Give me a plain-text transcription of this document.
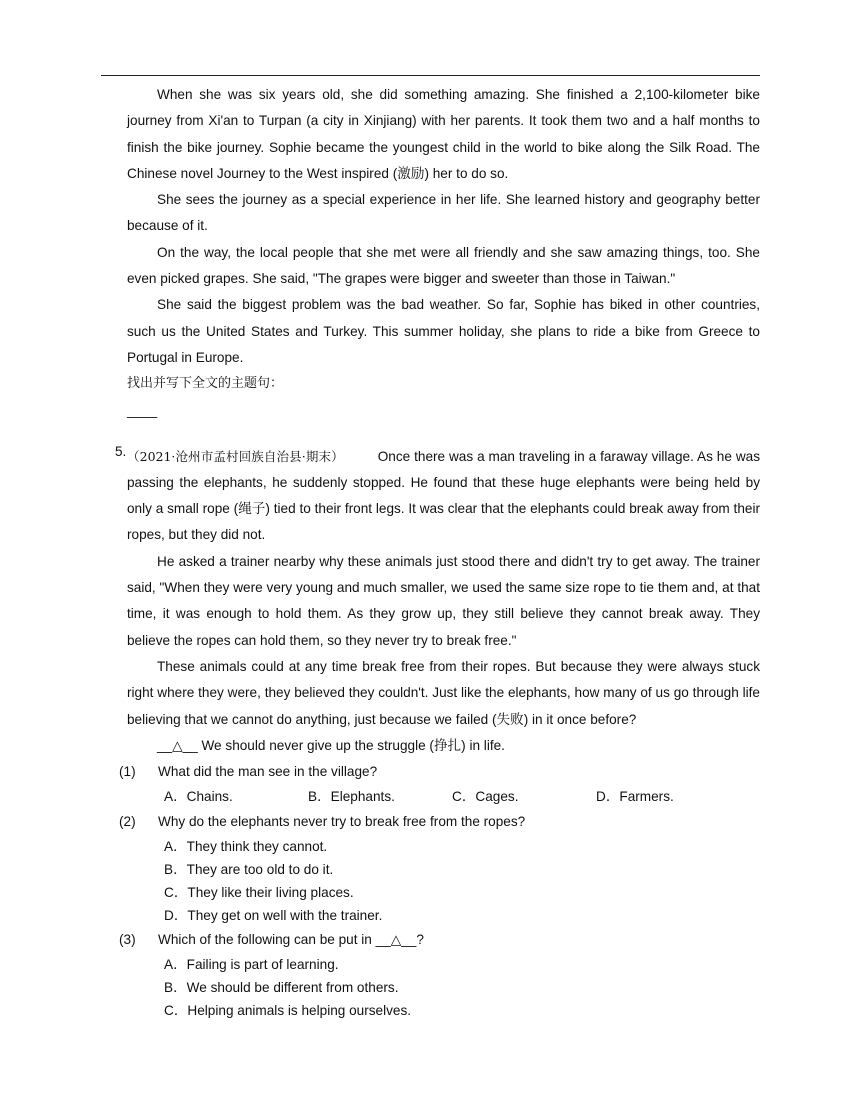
When she was six years old, she did something amazing. She finished a 2,100-kilometer bike journey from Xi'an to Turpan (a city in Xinjiang) with her parents. It took them two and a half months to finish the bike journey. Sophie became the youngest child in the world to bike along the Silk Road. The Chinese novel Journey to the West inspired (激励) her to do so.

She sees the journey as a special experience in her life. She learned history and geography better because of it.

On the way, the local people that she met were all friendly and she saw amazing things, too. She even picked grapes. She said, "The grapes were bigger and sweeter than those in Taiwan."

She said the biggest problem was the bad weather. So far, Sophie has biked in other countries, such us the United States and Turkey. This summer holiday, she plans to ride a bike from Greece to Portugal in Europe.

找出并写下全文的主题句：

____

5. （2021·沧州市孟村回族自治县·期末）	Once there was a man traveling in a faraway village. As he was passing the elephants, he suddenly stopped. He found that these huge elephants were being held by only a small rope (绳子) tied to their front legs. It was clear that the elephants could break away from their ropes, but they did not.

He asked a trainer nearby why these animals just stood there and didn't try to get away. The trainer said, "When they were very young and much smaller, we used the same size rope to tie them and, at that time, it was enough to hold them. As they grow up, they still believe they cannot break away. They believe the ropes can hold them, so they never try to break free."

These animals could at any time break free from their ropes. But because they were always stuck right where they were, they believed they couldn't. Just like the elephants, how many of us go through life believing that we cannot do anything, just because we failed (失败) in it once before?

__△__ We should never give up the struggle (挣扎) in life.

(1) What did the man see in the village?
A．Chains.	B．Elephants.	C．Cages.	D．Farmers.
(2) Why do the elephants never try to break free from the ropes?
A．They think they cannot.
B．They are too old to do it.
C．They like their living places.
D．They get on well with the trainer.
(3) Which of the following can be put in __△__?
A．Failing is part of learning.
B．We should be different from others.
C．Helping animals is helping ourselves.
